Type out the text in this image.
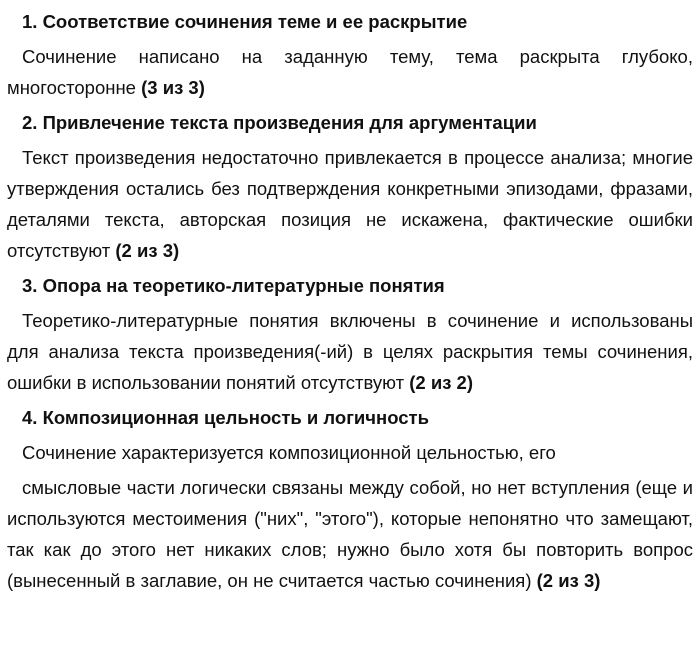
1. Соответствие сочинения теме и ее раскрытие

Сочинение написано на заданную тему, тема раскрыта глубоко, многосторонне (3 из 3)

2. Привлечение текста произведения для аргументации

Текст произведения недостаточно привлекается в процессе анализа; многие утверждения остались без подтверждения конкретными эпизодами, фразами, деталями текста, авторская позиция не искажена, фактические ошибки отсутствуют (2 из 3)

3. Опора на теоретико-литературные понятия

Теоретико-литературные понятия включены в сочинение и использованы для анализа текста произведения(-ий) в целях раскрытия темы сочинения, ошибки в использовании понятий отсутствуют (2 из 2)

4. Композиционная цельность и логичность

Сочинение характеризуется композиционной цельностью, его

смысловые части логически связаны между собой, но нет вступления (еще и используются местоимения ("них", "этого"), которые непонятно что замещают, так как до этого нет никаких слов; нужно было хотя бы повторить вопрос (вынесенный в заглавие, он не считается частью сочинения) (2 из 3)
